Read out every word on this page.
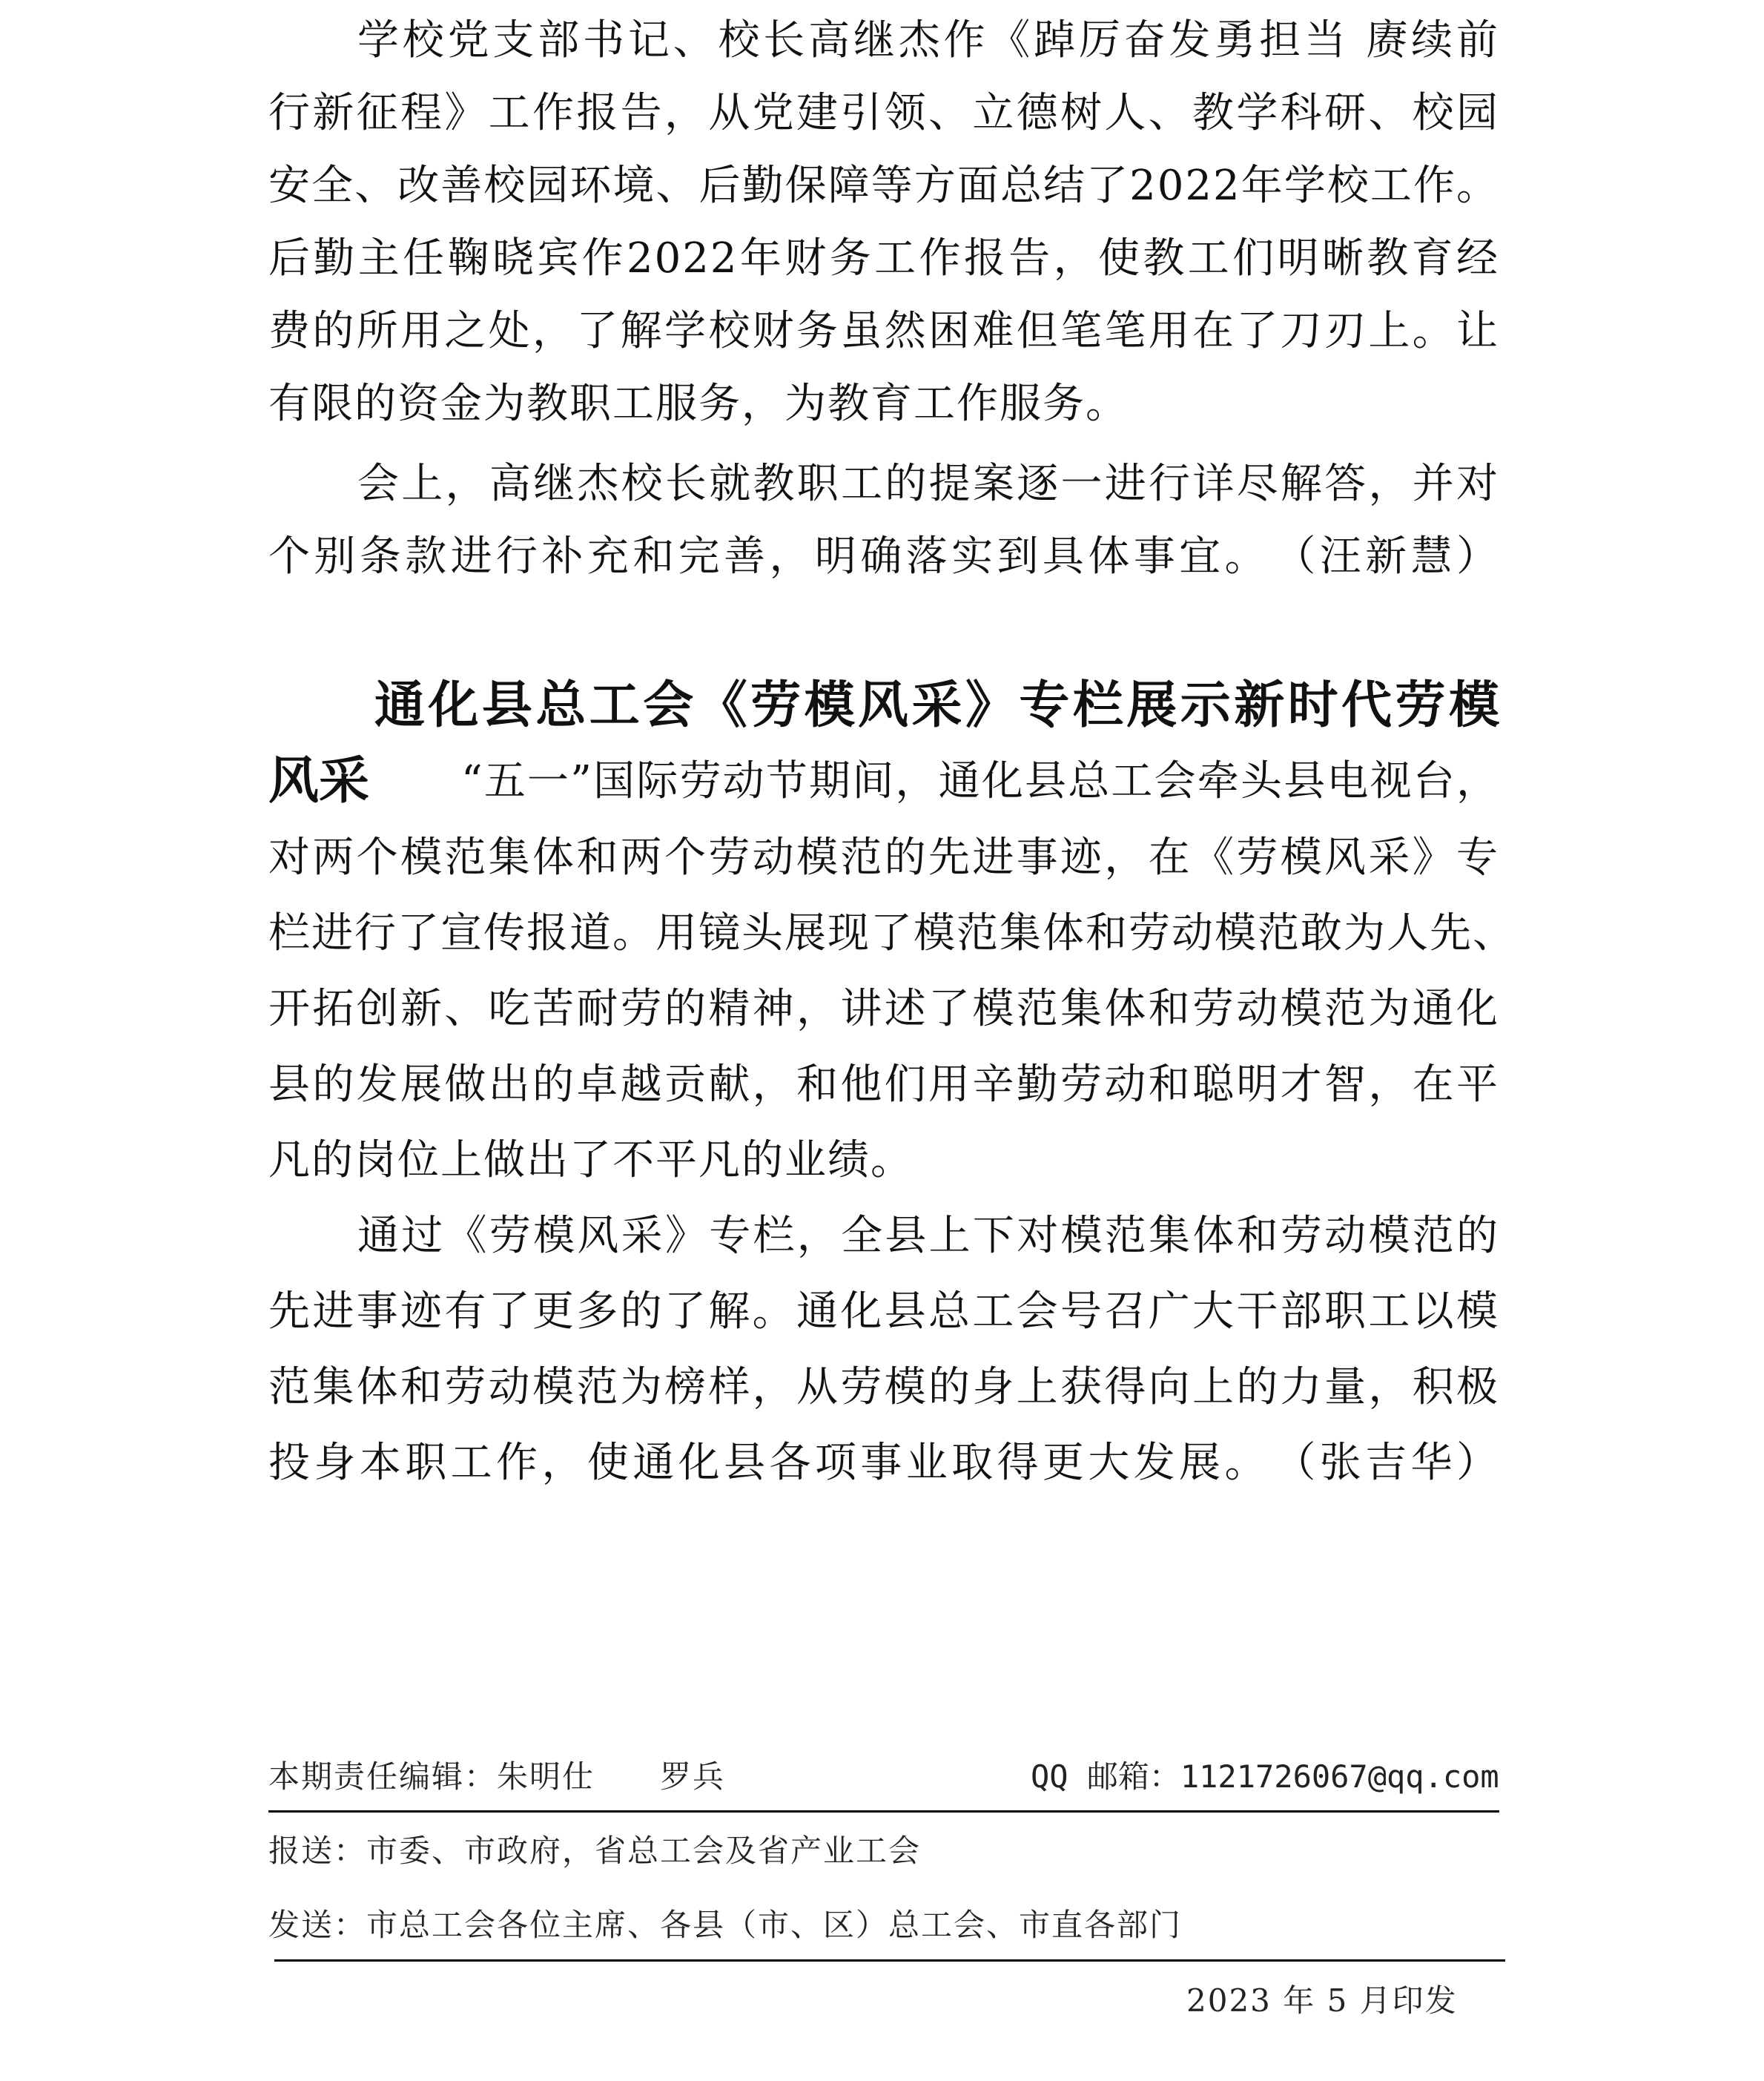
学校党支部书记、校长高继杰作《踔厉奋发勇担当 赓续前
行新征程》工作报告，从党建引领、立德树人、教学科研、校园
安全、改善校园环境、后勤保障等方面总结了2022年学校工作。
后勤主任鞠晓宾作2022年财务工作报告，使教工们明晰教育经
费的所用之处，了解学校财务虽然困难但笔笔用在了刀刃上。让
有限的资金为教职工服务，为教育工作服务。
会上，高继杰校长就教职工的提案逐一进行详尽解答，并对
个别条款进行补充和完善，明确落实到具体事宜。　（汪新慧）
通化县总工会《劳模风采》专栏展示新时代劳模
风采 “五一”国际劳动节期间，通化县总工会牵头县电视台，
对两个模范集体和两个劳动模范的先进事迹，在《劳模风采》专
栏进行了宣传报道。用镜头展现了模范集体和劳动模范敢为人先、
开拓创新、吃苦耐劳的精神，讲述了模范集体和劳动模范为通化
县的发展做出的卓越贡献，和他们用辛勤劳动和聪明才智，在平
凡的岗位上做出了不平凡的业绩。
通过《劳模风采》专栏，全县上下对模范集体和劳动模范的
先进事迹有了更多的了解。通化县总工会号召广大干部职工以模
范集体和劳动模范为榜样，从劳模的身上获得向上的力量，积极
投身本职工作，使通化县各项事业取得更大发展。　（张吉华）
本期责任编辑：朱明仕　　罗兵	QQ 邮箱：1121726067@qq.com
报送：市委、市政府，省总工会及省产业工会
发送：市总工会各位主席、各县（市、区）总工会、市直各部门
2023 年 5 月印发
